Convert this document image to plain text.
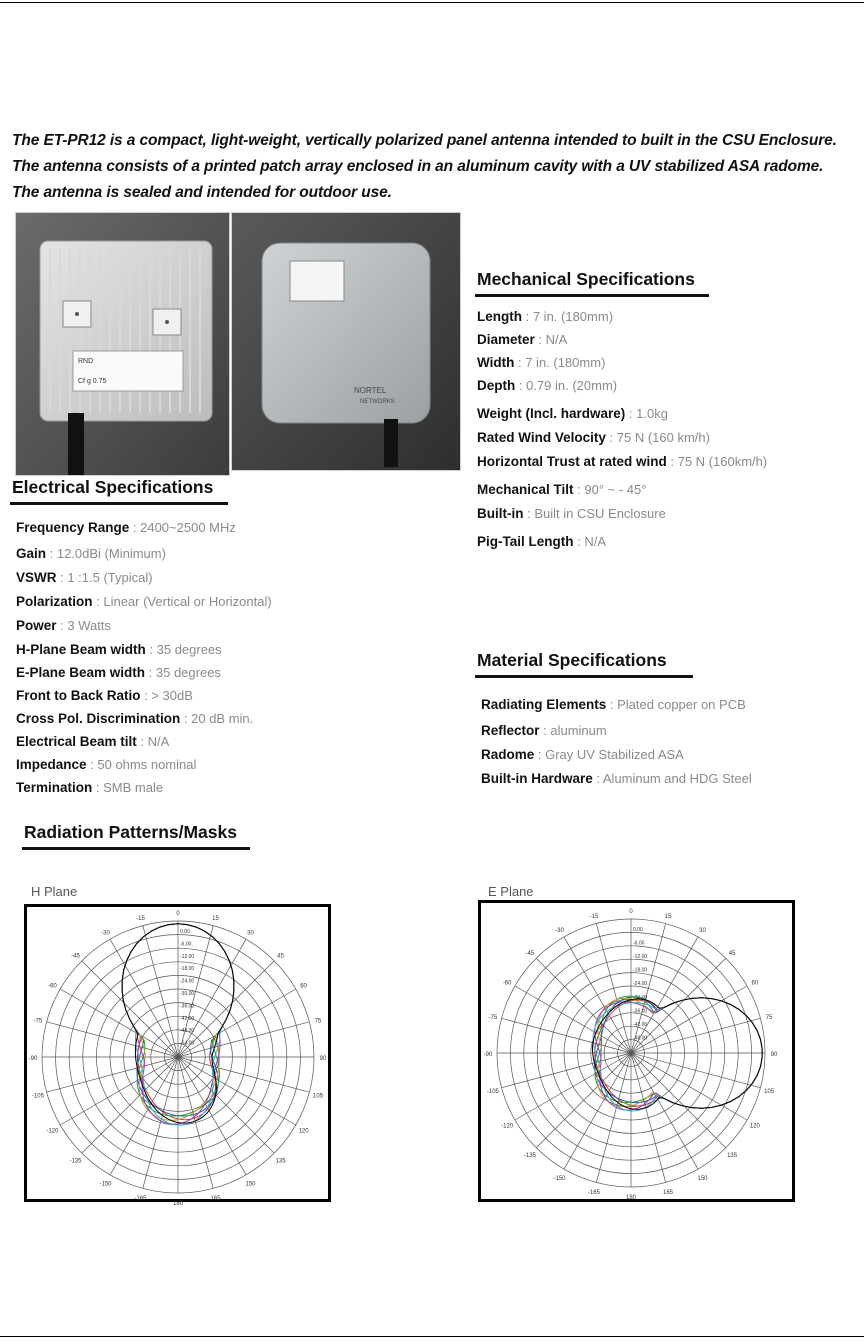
The ET-PR12 is a compact, light-weight, vertically polarized panel antenna intended to built in the CSU Enclosure. The antenna consists of a printed patch array enclosed in an aluminum cavity with a UV stabilized ASA radome. The antenna is sealed and intended for outdoor use.
RND
Cf g 0.75
NORTEL
NETWORKS
Mechanical Specifications
Length : 7 in. (180mm)
Diameter : N/A
Width : 7 in. (180mm)
Depth : 0.79 in. (20mm)
Weight (Incl. hardware) : 1.0kg
Rated Wind Velocity : 75 N (160 km/h)
Horizontal Trust at rated wind : 75 N (160km/h)
Mechanical Tilt : 90° ~ - 45°
Built-in : Built in CSU Enclosure
Pig-Tail Length : N/A
Electrical Specifications
Frequency Range : 2400~2500 MHz
Gain : 12.0dBi (Minimum)
VSWR : 1 :1.5 (Typical)
Polarization : Linear (Vertical or Horizontal)
Power : 3 Watts
H-Plane Beam width : 35 degrees
E-Plane Beam width : 35 degrees
Front to Back Ratio : > 30dB
Cross Pol. Discrimination : 20 dB min.
Electrical Beam tilt : N/A
Impedance : 50 ohms nominal
Termination : SMB male
Material Specifications
Radiating Elements : Plated copper on PCB
Reflector : aluminum
Radome : Gray UV Stabilized ASA
Built-in Hardware : Aluminum and HDG Steel
Radiation Patterns/Masks
H Plane	E Plane
0
15
30
45
60
75
90
105
120
135
150
165
180
-165
-150
-135
-120
-105
-90
-75
-60
-45
-30
-15
0.00
-6.00
-12.00
-18.00
-24.00
-30.00
-36.00
-42.00
-48.00
-54.00
0
15
30
45
60
75
90
105
120
135
150
165
180
-165
-150
-135
-120
-105
-90
-75
-60
-45
-30
-15
0.00
-6.00
-12.00
-18.00
-24.00
-30.00
-36.00
-42.00
-48.00
